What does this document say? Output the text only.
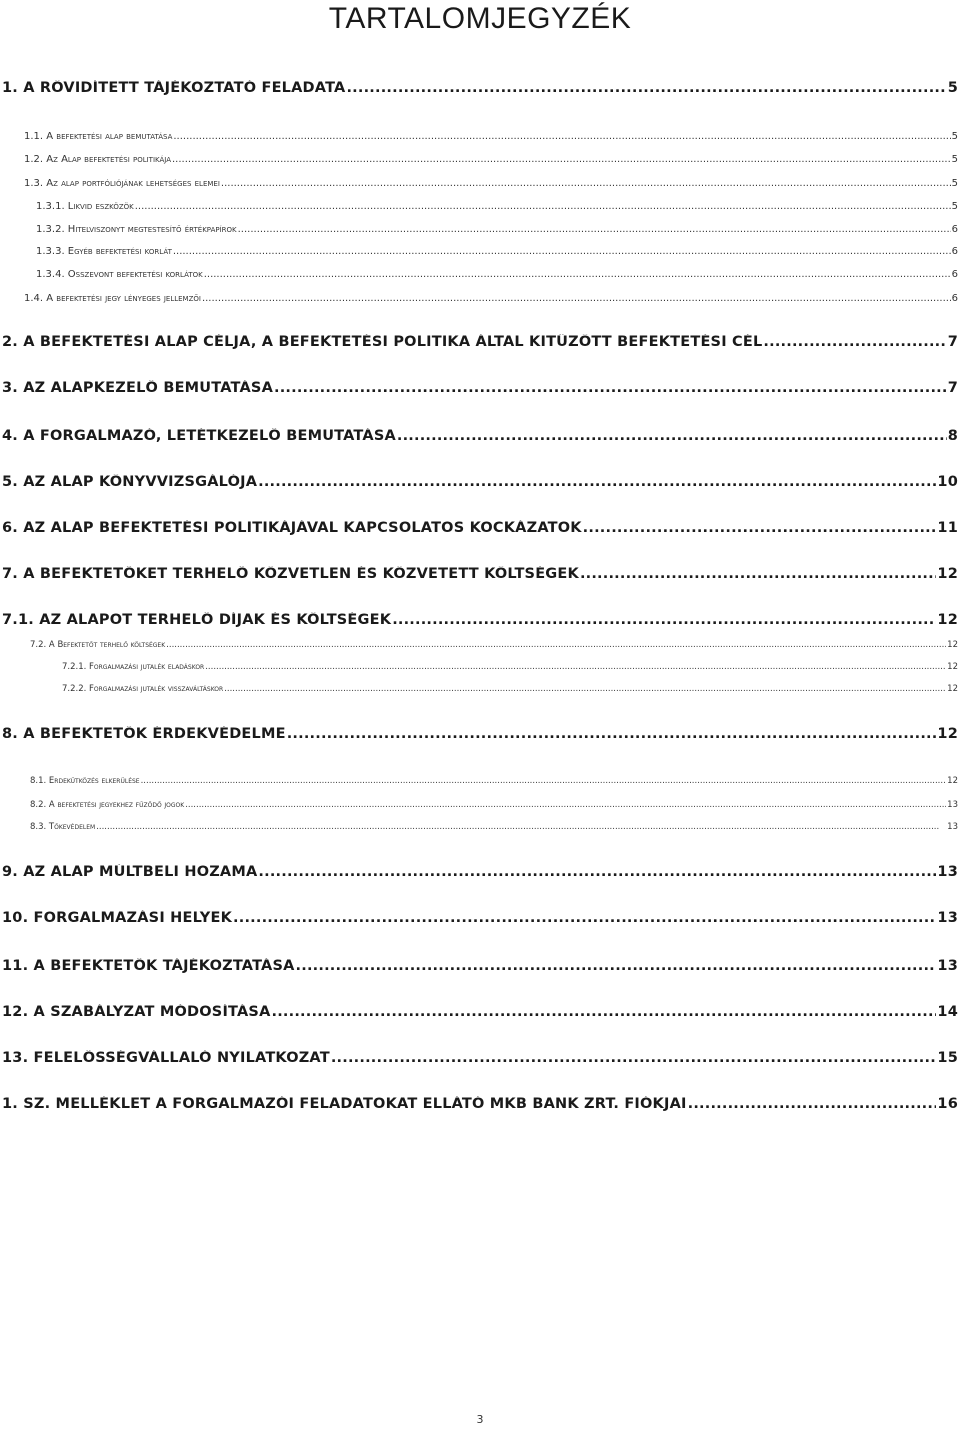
TARTALOMJEGYZÉK
1. A RÖVIDÍTETT TÁJÉKOZTATÓ FELADATA .....	5
1.1. A befektetési alap bemutatása .....	5
1.2. Az Alap befektetési politikája .....	5
1.3. Az alap portfóliójának lehetséges elemei .....	5
1.3.1. Likvid eszközök .....	5
1.3.2. Hitelviszonyt megtestesítő értékpapírok .....	6
1.3.3. Egyéb befektetési korlát .....	6
1.3.4. Összevont befektetési korlátok .....	6
1.4. A befektetési jegy lényeges jellemzői .....	6
2. A BEFEKTETÉSI ALAP CÉLJA, A BEFEKTETÉSI POLITIKA ÁLTAL KITŰZÖTT BEFEKTETÉSI CÉL .....	7
3. AZ ALAPKEZELŐ BEMUTATÁSA .....	7
4. A FORGALMAZÓ, LETÉTKEZELŐ BEMUTATÁSA .....	8
5. AZ ALAP KÖNYVVIZSGÁLÓJA .....	10
6. AZ ALAP BEFEKTETÉSI POLITIKÁJÁVAL KAPCSOLATOS KOCKÁZATOK .....	11
7. A BEFEKTETŐKET TERHELŐ KÖZVETLEN ÉS KÖZVETETT KÖLTSÉGEK .....	12
7.1. AZ ALAPOT TERHELŐ DÍJAK ÉS KÖLTSÉGEK .....	12
7.2. A Befektetőt terhelő költségek .....	12
7.2.1. Forgalmazási jutalék eladáskor .....	12
7.2.2. Forgalmazási jutalék visszaváltáskor .....	12
8. A BEFEKTETŐK ÉRDEKVÉDELME .....	12
8.1. Érdekütközés elkerülése .....	12
8.2. A befektetési jegyekhez fűződő jogok .....	13
8.3. Tőkevédelem .....	13
9. AZ ALAP MÚLTBELI HOZAMA .....	13
10. FORGALMAZÁSI HELYEK .....	13
11. A BEFEKTETŐK TÁJÉKOZTATÁSA .....	13
12. A SZABÁLYZAT MÓDOSÍTÁSA .....	14
13. FELELŐSSÉGVÁLLALÓ NYILATKOZAT .....	15
1. SZ. MELLÉKLET A FORGALMAZÓI FELADATOKAT ELLÁTÓ MKB BANK ZRT. FIÓKJAI .....	16
3
